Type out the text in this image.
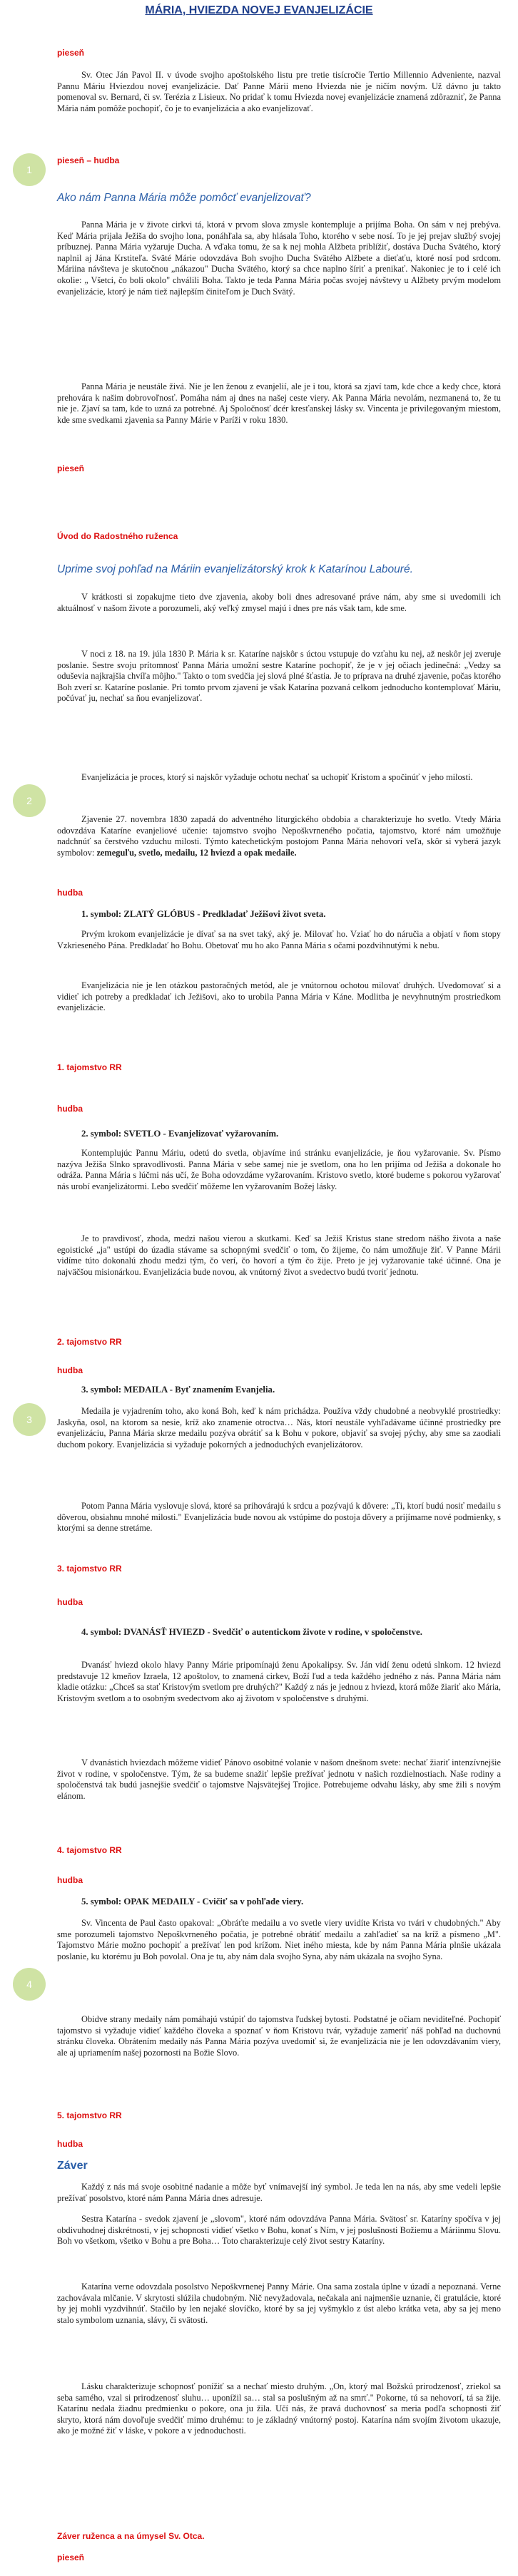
MÁRIA, HVIEZDA NOVEJ EVANJELIZÁCIE
1
2
3
4
pieseň

Sv. Otec Ján Pavol II. v úvode svojho apoštolského listu pre tretie tisícročie Tertio Millennio Adveniente, nazval Pannu Máriu Hviezdou novej evanjelizácie. Dať Panne Márii meno Hviezda nie je ničím novým. Už dávno ju takto pomenoval sv. Bernard, či sv. Terézia z Lisieux. No pridať k tomu Hviezda novej evanjelizácie znamená zdôrazniť, že Panna Mária nám pomôže pochopiť, čo je to evanjelizácia a ako evanjelizovať.

pieseň – hudba
Ako nám Panna Mária môže pomôcť evanjelizovať?

Panna Mária je v živote cirkvi tá, ktorá v prvom slova zmysle kontempluje a prijíma Boha. On sám v nej prebýva. Keď Mária prijala Ježiša do svojho lona, ponáhľala sa, aby hlásala Toho, ktorého v sebe nosí. To je jej prejav službý svojej príbuznej. Panna Mária vyžaruje Ducha. A vďaka tomu, že sa k nej mohla Alžbeta priblížiť, dostáva Ducha Svätého, ktorý naplnil aj Jána Krstiteľa. Sväté Márie odovzdáva Boh svojho Ducha Svätého Alžbete a dieťaťu, ktoré nosí pod srdcom. Máriina návšteva je skutočnou „nákazou" Ducha Svätého, ktorý sa chce naplno šíriť a prenikať. Nakoniec je to i celé ich okolie: „ Všetci, čo boli okolo" chválili Boha. Takto je teda Panna Mária počas svojej návštevy u Alžbety prvým modelom evanjelizácie, ktorý je nám tiež najlepším činiteľom je Duch Svätý.

Panna Mária je neustále živá. Nie je len ženou z evanjelií, ale je i tou, ktorá sa zjaví tam, kde chce a kedy chce, ktorá prehovára k našim dobrovoľnosť. Pomáha nám aj dnes na našej ceste viery. Ak Panna Mária nevolám, nezmanená to, že tu nie je. Zjaví sa tam, kde to uzná za potrebné. Aj Spoločnosť dcér kresťanskej lásky sv. Vincenta je privilegovaným miestom, kde sme svedkami zjavenia sa Panny Márie v Paríži v roku 1830.

pieseň
Úvod do Radostného ruženca
Uprime svoj pohľad na Máriin evanjelizátorský krok k Katarínou Labouré.

V krátkosti si zopakujme tieto dve zjavenia, akoby boli dnes adresované práve nám, aby sme si uvedomili ich aktuálnosť v našom živote a porozumeli, aký veľký zmysel majú i dnes pre nás však tam, kde sme.

V noci z 18. na 19. júla 1830 P. Mária k sr. Kataríne najskôr s úctou vstupuje do vzťahu ku nej, až neskôr jej zveruje poslanie. Sestre svoju prítomnosť Panna Mária umožní sestre Kataríne pochopiť, že je v jej očiach jedinečná: „Vedzy sa oduševia najkrajšia chvíľa môjho." Takto o tom svedčia jej slová plné šťastia. Je to príprava na druhé zjavenie, počas ktorého Boh zverí sr. Kataríne poslanie. Pri tomto prvom zjavení je však Katarína pozvaná celkom jednoducho kontemplovať Máriu, počúvať ju, nechať sa ňou evanjelizovať.

Evanjelizácia je proces, ktorý si najskôr vyžaduje ochotu nechať sa uchopiť Kristom a spočinúť v jeho milosti.

Zjavenie 27. novembra 1830 zapadá do adventného liturgického obdobia a charakterizuje ho svetlo. Vtedy Mária odovzdáva Kataríne evanjeliové učenie: tajomstvo svojho Nepoškvrneného počatia, tajomstvo, ktoré nám umožňuje nadchnúť sa čerstvého vzduchu milosti. Týmto katechetickým postojom Panna Mária nehovorí veľa, skôr si vyberá jazyk symbolov: zemeguľu, svetlo, medailu, 12 hviezd a opak medaile.

hudba
1. symbol: ZLATÝ GLÓBUS - Predkladať Ježišovi život sveta.

Prvým krokom evanjelizácie je dívať sa na svet taký, aký je. Milovať ho. Vziať ho do náručia a objatí v ňom stopy Vzkrieseného Pána. Predkladať ho Bohu. Obetovať mu ho ako Panna Mária s očami pozdvihnutými k nebu.

Evanjelizácia nie je len otázkou pastoračných metód, ale je vnútornou ochotou milovať druhých. Uvedomovať si a vidieť ich potreby a predkladať ich Ježišovi, ako to urobila Panna Mária v Káne. Modlitba je nevyhnutným prostriedkom evanjelizácie.

1. tajomstvo RR
hudba
2. symbol: SVETLO - Evanjelizovať vyžarovaním.

Kontemplujúc Pannu Máriu, odetú do svetla, objavíme inú stránku evanjelizácie, je ňou vyžarovanie. Sv. Písmo nazýva Ježiša Slnko spravodlivosti. Panna Mária v sebe samej nie je svetlom, ona ho len prijíma od Ježiša a dokonale ho odráža. Panna Mária s lúčmi nás učí, že Boha odovzdáme vyžarovaním. Kristovo svetlo, ktoré budeme s pokorou vyžarovať nás urobí evanjelizátormi. Lebo svedčiť môžeme len vyžarovaním Božej lásky.

Je to pravdivosť, zhoda, medzi našou vierou a skutkami. Keď sa Ježiš Kristus stane stredom nášho života a naše egoistické „ja" ustúpi do úzadia stávame sa schopnými svedčiť o tom, čo žijeme, čo nám umožňuje žiť. V Panne Márii vidíme túto dokonalú zhodu medzi tým, čo verí, čo hovorí a tým čo žije. Preto je jej vyžarovanie také účinné. Ona je najväčšou misionárkou. Evanjelizácia bude novou, ak vnútorný život a svedectvo budú tvoriť jednotu.

2. tajomstvo RR
hudba
3. symbol: MEDAILA - Byť znamením Evanjelia.

Medaila je vyjadrením toho, ako koná Boh, keď k nám prichádza. Používa vždy chudobné a neobvyklé prostriedky: Jaskyňa, osol, na ktorom sa nesie, kríž ako znamenie otroctva… Nás, ktorí neustále vyhľadávame účinné prostriedky pre evanjelizáciu, Panna Mária skrze medailu pozýva obrátiť sa k Bohu v pokore, objaviť sa svojej pýchy, aby sme sa zaodiali duchom pokory. Evanjelizácia si vyžaduje pokorných a jednoduchých evanjelizátorov.

Potom Panna Mária vyslovuje slová, ktoré sa prihovárajú k srdcu a pozývajú k dôvere: „Ti, ktorí budú nosiť medailu s dôverou, obsiahnu mnohé milosti." Evanjelizácia bude novou ak vstúpime do postoja dôvery a prijímame nové podmienky, s ktorými sa denne stretáme.

3. tajomstvo RR
hudba
4. symbol: DVANÁSŤ HVIEZD - Svedčiť o autentickom živote v rodine, v spoločenstve.

Dvanásť hviezd okolo hlavy Panny Márie pripomínajú ženu Apokalipsy. Sv. Ján vidí ženu odetú slnkom. 12 hviezd predstavuje 12 kmeňov Izraela, 12 apoštolov, to znamená cirkev, Boží ľud a teda každého jedného z nás. Panna Mária nám kladie otázku: „Chceš sa stať Kristovým svetlom pre druhých?" Každý z nás je jednou z hviezd, ktorá môže žiariť ako Mária, Kristovým svetlom a to osobným svedectvom ako aj životom v spoločenstve s druhými.

V dvanástich hviezdach môžeme vidieť Pánovo osobitné volanie v našom dnešnom svete: nechať žiariť intenzívnejšie život v rodine, v spoločenstve. Tým, že sa budeme snažiť lepšie prežívať jednotu v našich rozdielnostiach. Naše rodiny a spoločenstvá tak budú jasnejšie svedčiť o tajomstve Najsvätejšej Trojice. Potrebujeme odvahu lásky, aby sme žili s novým elánom.

4. tajomstvo RR
hudba
5. symbol: OPAK MEDAILY - Cvičiť sa v pohľade viery.

Sv. Vincenta de Paul často opakoval: „Obráťte medailu a vo svetle viery uvidíte Krista vo tvári v chudobných." Aby sme porozumeli tajomstvo Nepoškvrneného počatia, je potrebné obrátiť medailu a zahľadieť sa na kríž a písmeno „M". Tajomstvo Márie možno pochopiť a prežívať len pod krížom. Niet iného miesta, kde by nám Panna Mária plnšie ukázala poslanie, ku ktorému ju Boh povolal. Ona je tu, aby nám dala svojho Syna, aby nám ukázala na svojho Syna.

Obidve strany medaily nám pomáhajú vstúpiť do tajomstva ľudskej bytosti. Podstatné je očiam neviditeľné. Pochopiť tajomstvo si vyžaduje vidieť každého človeka a spoznať v ňom Kristovu tvár, vyžaduje zameriť náš pohľad na duchovnú stránku človeka. Obrátením medaily nás Panna Mária pozýva uvedomiť si, že evanjelizácia nie je len odovzdávaním viery, ale aj upriamením našej pozornosti na Božie Slovo.

5. tajomstvo RR
hudba
Záver

Každý z nás má svoje osobitné nadanie a môže byť vnímavejší iný symbol. Je teda len na nás, aby sme vedeli lepšie prežívať posolstvo, ktoré nám Panna Mária dnes adresuje.

Sestra Katarína - svedok zjavení je „slovom", ktoré nám odovzdáva Panna Mária. Svätosť sr. Kataríny spočíva v jej obdivuhodnej diskrétnosti, v jej schopnosti vidieť všetko v Bohu, konať s Ním, v jej poslušnosti Božiemu a Máriinmu Slovu. Boh vo všetkom, všetko v Bohu a pre Boha… Toto charakterizuje celý život sestry Kataríny.

Katarína verne odovzdala posolstvo Nepoškvrnenej Panny Márie. Ona sama zostala úplne v úzadí a nepoznaná. Verne zachovávala mlčanie. V skrytosti slúžila chudobným. Nič nevyžadovala, nečakala ani najmenšie uznanie, či gratulácie, ktoré by jej mohli vyzdvihnúť. Stačilo by len nejaké slovíčko, ktoré by sa jej vyšmyklo z úst alebo krátka veta, aby sa jej meno stalo symbolom uznania, slávy, či svätosti.

Lásku charakterizuje schopnosť ponížiť sa a nechať miesto druhým. „On, ktorý mal Božskú prirodzenosť, zriekol sa seba samého, vzal si prirodzenosť sluhu… uponížil sa… stal sa poslušným až na smrť." Pokorne, tú sa nehovorí, tá sa žije. Katarínu nedala žiadnu predmienku o pokore, ona ju žila. Učí nás, že pravá duchovnosť sa meria podľa schopnosti žiť skryto, ktorá nám dovoľuje svedčiť mimo druhému: to je základný vnútorný postoj. Katarína nám svojím životom ukazuje, ako je možné žiť v láske, v pokore a v jednoduchosti.

Záver ruženca a na úmysel Sv. Otca.
pieseň
